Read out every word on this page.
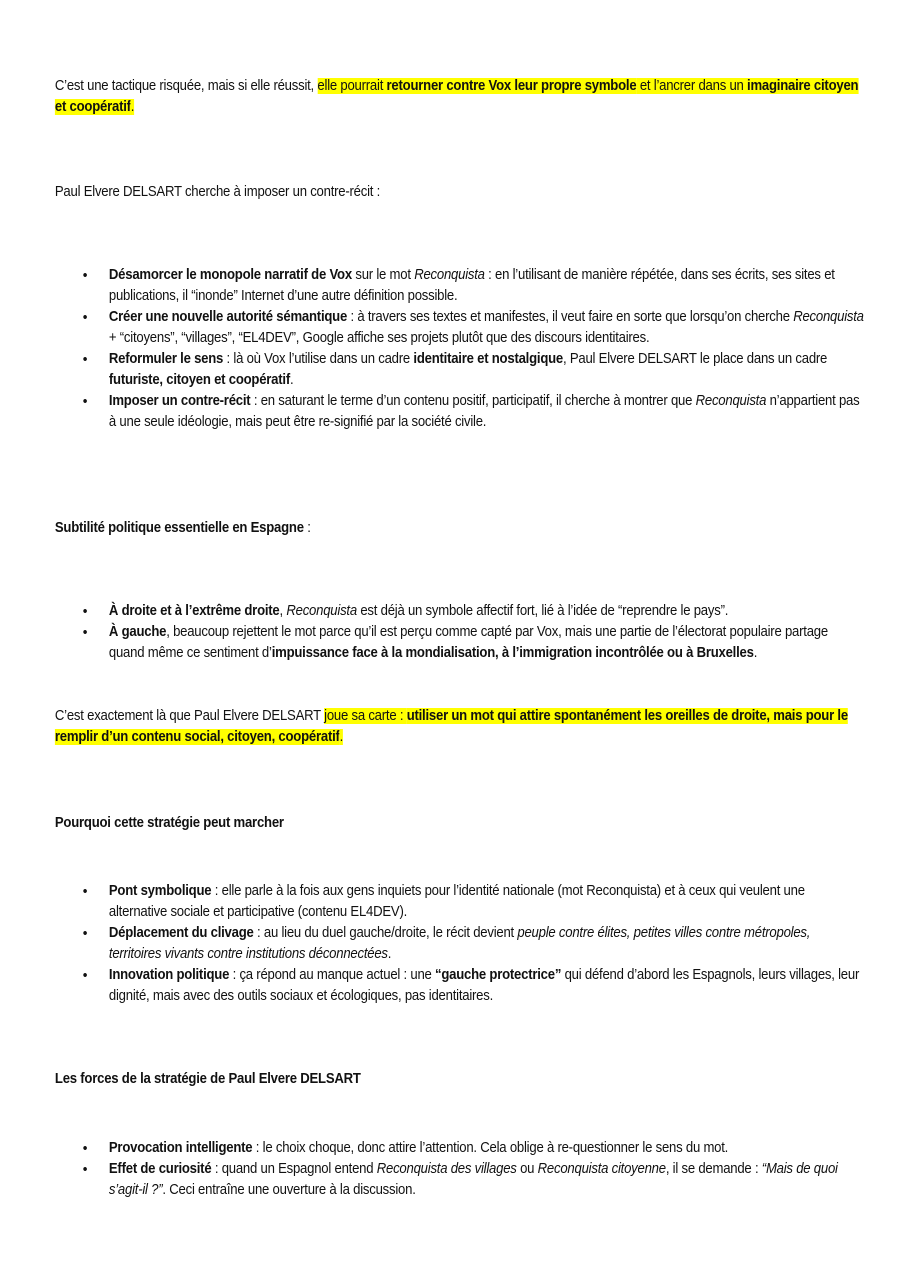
C’est une tactique risquée, mais si elle réussit, elle pourrait retourner contre Vox leur propre symbole et l’ancrer dans un imaginaire citoyen et coopératif.

Paul Elvere DELSART cherche à imposer un contre-récit :

• Désamorcer le monopole narratif de Vox sur le mot Reconquista : en l’utilisant de manière répétée, dans ses écrits, ses sites et publications, il “inonde” Internet d’une autre définition possible.
• Créer une nouvelle autorité sémantique : à travers ses textes et manifestes, il veut faire en sorte que lorsqu’on cherche Reconquista + “citoyens”, “villages”, “EL4DEV”, Google affiche ses projets plutôt que des discours identitaires.
• Reformuler le sens : là où Vox l’utilise dans un cadre identitaire et nostalgique, Paul Elvere DELSART le place dans un cadre futuriste, citoyen et coopératif.
• Imposer un contre-récit : en saturant le terme d’un contenu positif, participatif, il cherche à montrer que Reconquista n’appartient pas à une seule idéologie, mais peut être re-signifié par la société civile.

Subtilité politique essentielle en Espagne :

• À droite et à l’extrême droite, Reconquista est déjà un symbole affectif fort, lié à l’idée de “reprendre le pays”.
• À gauche, beaucoup rejettent le mot parce qu’il est perçu comme capté par Vox, mais une partie de l’électorat populaire partage quand même ce sentiment d’impuissance face à la mondialisation, à l’immigration incontrôlée ou à Bruxelles.

C’est exactement là que Paul Elvere DELSART joue sa carte : utiliser un mot qui attire spontanément les oreilles de droite, mais pour le remplir d’un contenu social, citoyen, coopératif.

Pourquoi cette stratégie peut marcher

• Pont symbolique : elle parle à la fois aux gens inquiets pour l’identité nationale (mot Reconquista) et à ceux qui veulent une alternative sociale et participative (contenu EL4DEV).
• Déplacement du clivage : au lieu du duel gauche/droite, le récit devient peuple contre élites, petites villes contre métropoles, territoires vivants contre institutions déconnectées.
• Innovation politique : ça répond au manque actuel : une “gauche protectrice” qui défend d’abord les Espagnols, leurs villages, leur dignité, mais avec des outils sociaux et écologiques, pas identitaires.

Les forces de la stratégie de Paul Elvere DELSART

• Provocation intelligente : le choix choque, donc attire l’attention. Cela oblige à re-questionner le sens du mot.
• Effet de curiosité : quand un Espagnol entend Reconquista des villages ou Reconquista citoyenne, il se demande : “Mais de quoi s’agit-il ?”. Ceci entraîne une ouverture à la discussion.
